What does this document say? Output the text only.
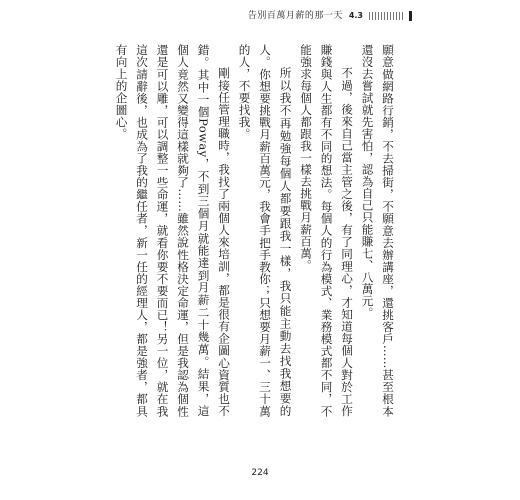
告別百萬月薪的那一天 4.3

願意做網路行銷，不去掃街，不願意去辦講座，還挑客戶……甚至根本還沒去嘗試就先害怕，認為自己只能賺七、八萬元。

不過，後來自己當主管之後，有了同理心，才知道每個人對於工作賺錢與人生都有不同的想法。每個人的行為模式、業務模式都不同，不能強求每個人都跟我一樣去挑戰月薪百萬。

所以我不再勉強每個人都要跟我一樣，我只能主動去找我想要的人。你想要挑戰月薪百萬元，我會手把手教你；只想要月薪一、三十萬的人，不要找我。

剛接任管理職時，我找了兩個人來培訓，都是很有企圖心資質也不錯。其中一個Poway，不到三個月就能達到月薪二十幾萬。結果，這個人竟然又變得這樣就夠了……雖然說性格決定命運，但是我認為個性還是可以雕，可以調整一些命運，就看你要不要而已！另一位，就在我這次請辭後，也成為了我的繼任者，新一任的經理人，都是強者，都具有向上的企圖心。

224
